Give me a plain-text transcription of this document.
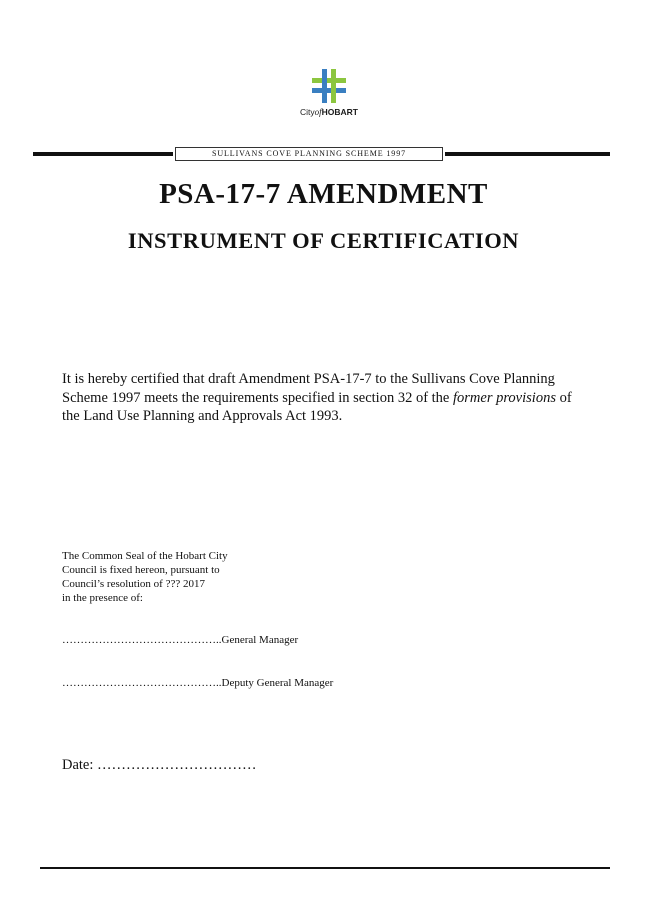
CityofHOBART
SULLIVANS COVE PLANNING SCHEME 1997
PSA-17-7 AMENDMENT
INSTRUMENT OF CERTIFICATION
It is hereby certified that draft Amendment PSA-17-7 to the Sullivans Cove Planning Scheme 1997 meets the requirements specified in section 32 of the former provisions of the Land Use Planning and Approvals Act 1993.
The Common Seal of the Hobart City
Council is fixed hereon, pursuant to
Council’s resolution of ??? 2017
in the presence of:
……………………………………..General Manager
……………………………………..Deputy General Manager
Date: ……………………………
